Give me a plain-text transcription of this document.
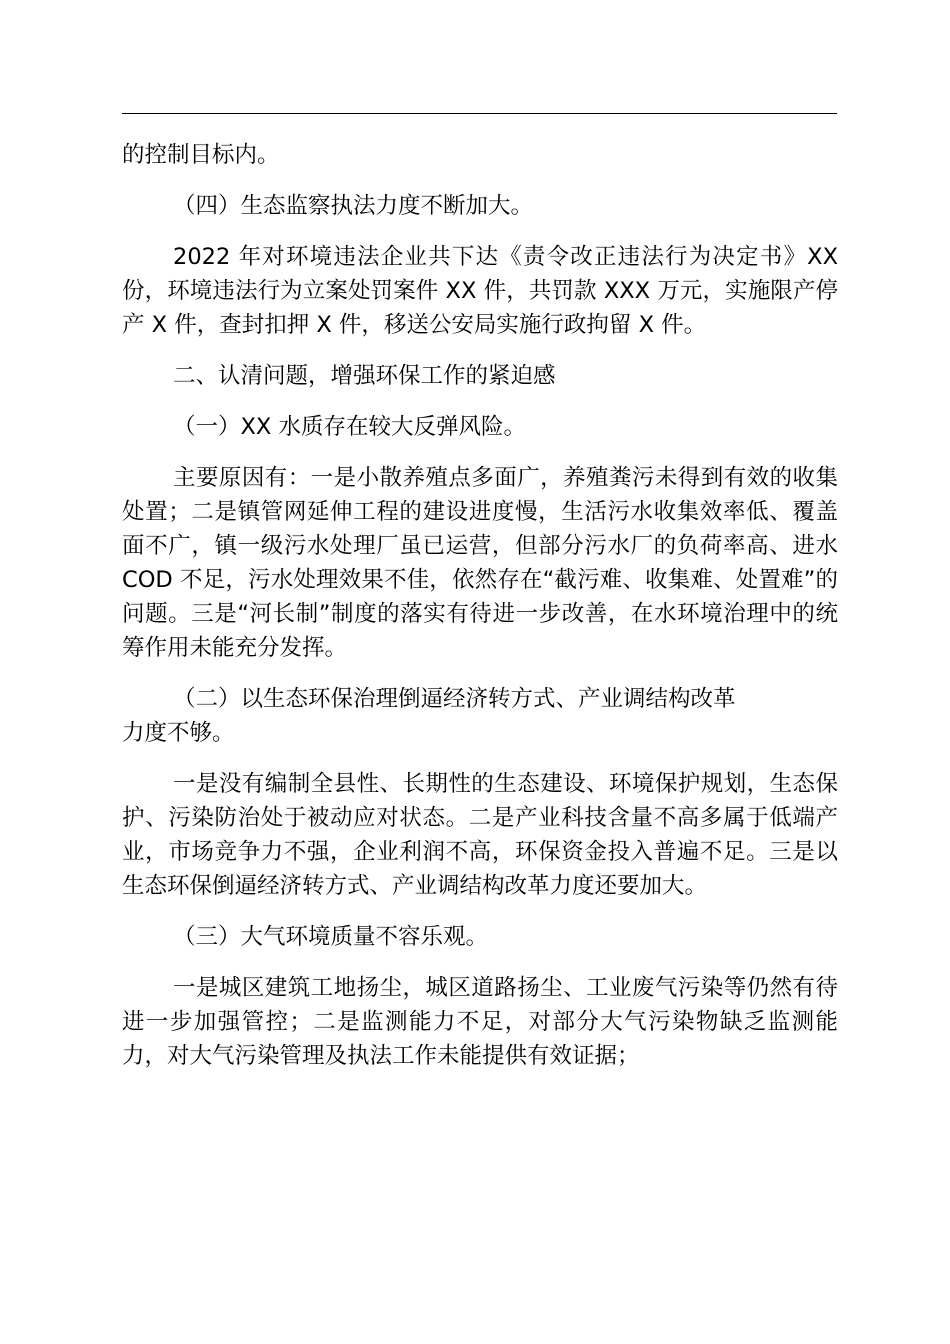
的控制目标内。

（四）生态监察执法力度不断加大。

2022 年对环境违法企业共下达《责令改正违法行为决定书》XX 份，环境违法行为立案处罚案件 XX 件，共罚款 XXX 万元，实施限产停产 X 件，查封扣押 X 件，移送公安局实施行政拘留 X 件。

二、认清问题，增强环保工作的紧迫感

（一）XX 水质存在较大反弹风险。

主要原因有：一是小散养殖点多面广，养殖粪污未得到有效的收集处置；二是镇管网延伸工程的建设进度慢，生活污水收集效率低、覆盖面不广，镇一级污水处理厂虽已运营，但部分污水厂的负荷率高、进水 COD 不足，污水处理效果不佳，依然存在“截污难、收集难、处置难”的问题。三是“河长制”制度的落实有待进一步改善，在水环境治理中的统筹作用未能充分发挥。

（二）以生态环保治理倒逼经济转方式、产业调结构改革

力度不够。

一是没有编制全县性、长期性的生态建设、环境保护规划，生态保护、污染防治处于被动应对状态。二是产业科技含量不高多属于低端产业，市场竞争力不强，企业利润不高，环保资金投入普遍不足。三是以生态环保倒逼经济转方式、产业调结构改革力度还要加大。

（三）大气环境质量不容乐观。

一是城区建筑工地扬尘，城区道路扬尘、工业废气污染等仍然有待进一步加强管控；二是监测能力不足，对部分大气污染物缺乏监测能力，对大气污染管理及执法工作未能提供有效证据；
